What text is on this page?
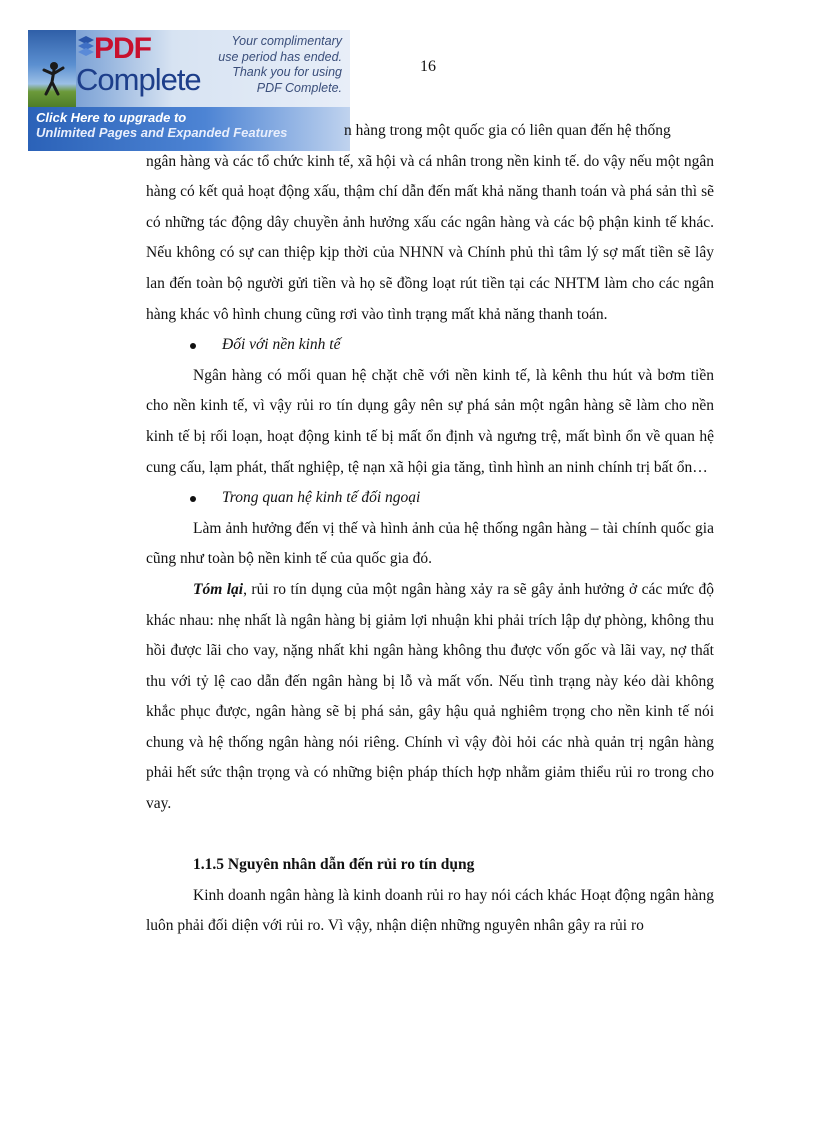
16
PDF
Complete
Your complimentary
use period has ended.
Thank you for using
PDF Complete.
Click Here to upgrade to
Unlimited Pages and Expanded Features	n hàng trong một quốc gia có liên quan đến hệ thống

ngân hàng và các tổ chức kinh tế, xã hội và cá nhân trong nền kinh tế. do vậy nếu một ngân hàng có kết quả hoạt động xấu, thậm chí dẫn đến mất khả năng thanh toán và phá sản thì sẽ có những tác động dây chuyền ảnh hưởng xấu các ngân hàng và các bộ phận kinh tế khác. Nếu không có sự can thiệp kịp thời của NHNN và Chính phủ thì tâm lý sợ mất tiền sẽ lây lan đến toàn bộ người gửi tiền và họ sẽ đồng loạt rút tiền tại các NHTM làm cho các ngân hàng khác vô hình chung cũng rơi vào tình trạng mất khả năng thanh toán.

Đối với nền kinh tế

Ngân hàng có mối quan hệ chặt chẽ với nền kinh tế, là kênh thu hút và bơm tiền cho nền kinh tế, vì vậy rủi ro tín dụng gây nên sự phá sản một ngân hàng sẽ làm cho nền kinh tế bị rối loạn, hoạt động kinh tế bị mất ổn định và ngưng trệ, mất bình ổn về quan hệ cung cấu, lạm phát, thất nghiệp, tệ nạn xã hội gia tăng, tình hình an ninh chính trị bất ổn…

Trong quan hệ kinh tế đối ngoại

Làm ảnh hưởng đến vị thế và hình ảnh của hệ thống ngân hàng – tài chính quốc gia cũng như toàn bộ nền kinh tế của quốc gia đó.

Tóm lại, rủi ro tín dụng của một ngân hàng xảy ra sẽ gây ảnh hưởng ở các mức độ khác nhau: nhẹ nhất là ngân hàng bị giảm lợi nhuận khi phải trích lập dự phòng, không thu hồi được lãi cho vay, nặng nhất khi ngân hàng không thu được vốn gốc và lãi vay, nợ thất thu với tỷ lệ cao dẫn đến ngân hàng bị lỗ và mất vốn. Nếu tình trạng này kéo dài không khắc phục được, ngân hàng sẽ bị phá sản, gây hậu quả nghiêm trọng cho nền kinh tế nói chung và hệ thống ngân hàng nói riêng. Chính vì vậy đòi hỏi các nhà quản trị ngân hàng phải hết sức thận trọng và có những biện pháp thích hợp nhằm giảm thiểu rủi ro trong cho vay.

1.1.5 Nguyên nhân dẫn đến rủi ro tín dụng

Kinh doanh ngân hàng là kinh doanh rủi ro hay nói cách khác Hoạt động ngân hàng luôn phải đối diện với rủi ro. Vì vậy, nhận diện những nguyên nhân gây ra rủi ro
